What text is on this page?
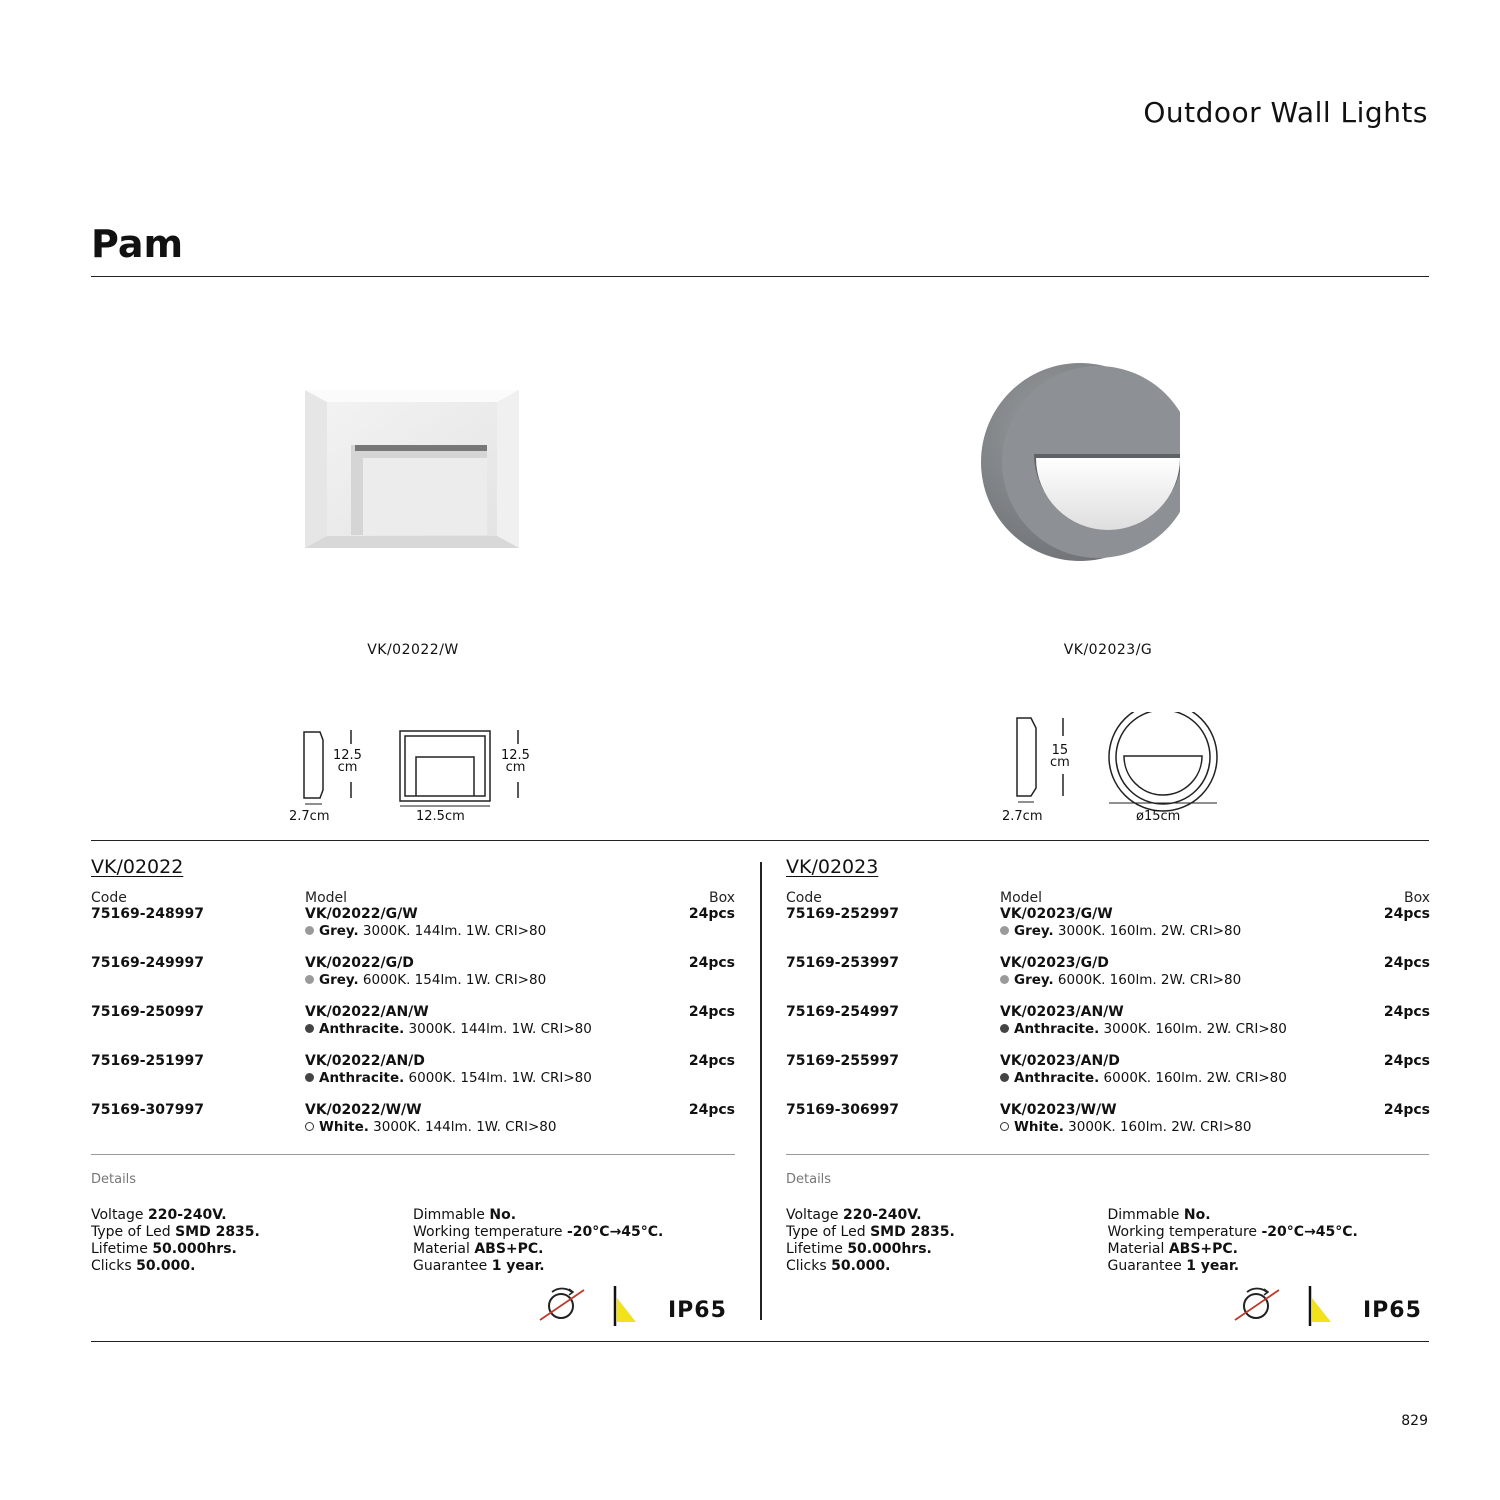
Outdoor Wall Lights
Pam
VK/02022/W	VK/02023/G
12.5
cm
12.5
cm
2.7cm	12.5cm
15
cm
2.7cm	ø15cm
VK/02022
Code	Model	Box
75169-248997	VK/02022/G/W
Grey. 3000K. 144lm. 1W. CRI>80
24pcs
75169-249997	VK/02022/G/D
Grey. 6000K. 154lm. 1W. CRI>80
24pcs
75169-250997	VK/02022/AN/W
Anthracite. 3000K. 144lm. 1W. CRI>80
24pcs
75169-251997	VK/02022/AN/D
Anthracite. 6000K. 154lm. 1W. CRI>80
24pcs
75169-307997	VK/02022/W/W
White. 3000K. 144lm. 1W. CRI>80
24pcs
VK/02023
Code	Model	Box
75169-252997	VK/02023/G/W
Grey. 3000K. 160lm. 2W. CRI>80
24pcs
75169-253997	VK/02023/G/D
Grey. 6000K. 160lm. 2W. CRI>80
24pcs
75169-254997	VK/02023/AN/W
Anthracite. 3000K. 160lm. 2W. CRI>80
24pcs
75169-255997	VK/02023/AN/D
Anthracite. 6000K. 160lm. 2W. CRI>80
24pcs
75169-306997	VK/02023/W/W
White. 3000K. 160lm. 2W. CRI>80
24pcs
Details
Voltage 220-240V.
Type of Led SMD 2835.
Lifetime 50.000hrs.
Clicks 50.000.
Dimmable No.
Working temperature -20°C→45°C.
Material ABS+PC.
Guarantee 1 year.
Details
Voltage 220-240V.
Type of Led SMD 2835.
Lifetime 50.000hrs.
Clicks 50.000.
Dimmable No.
Working temperature -20°C→45°C.
Material ABS+PC.
Guarantee 1 year.
IP65	IP65
829
